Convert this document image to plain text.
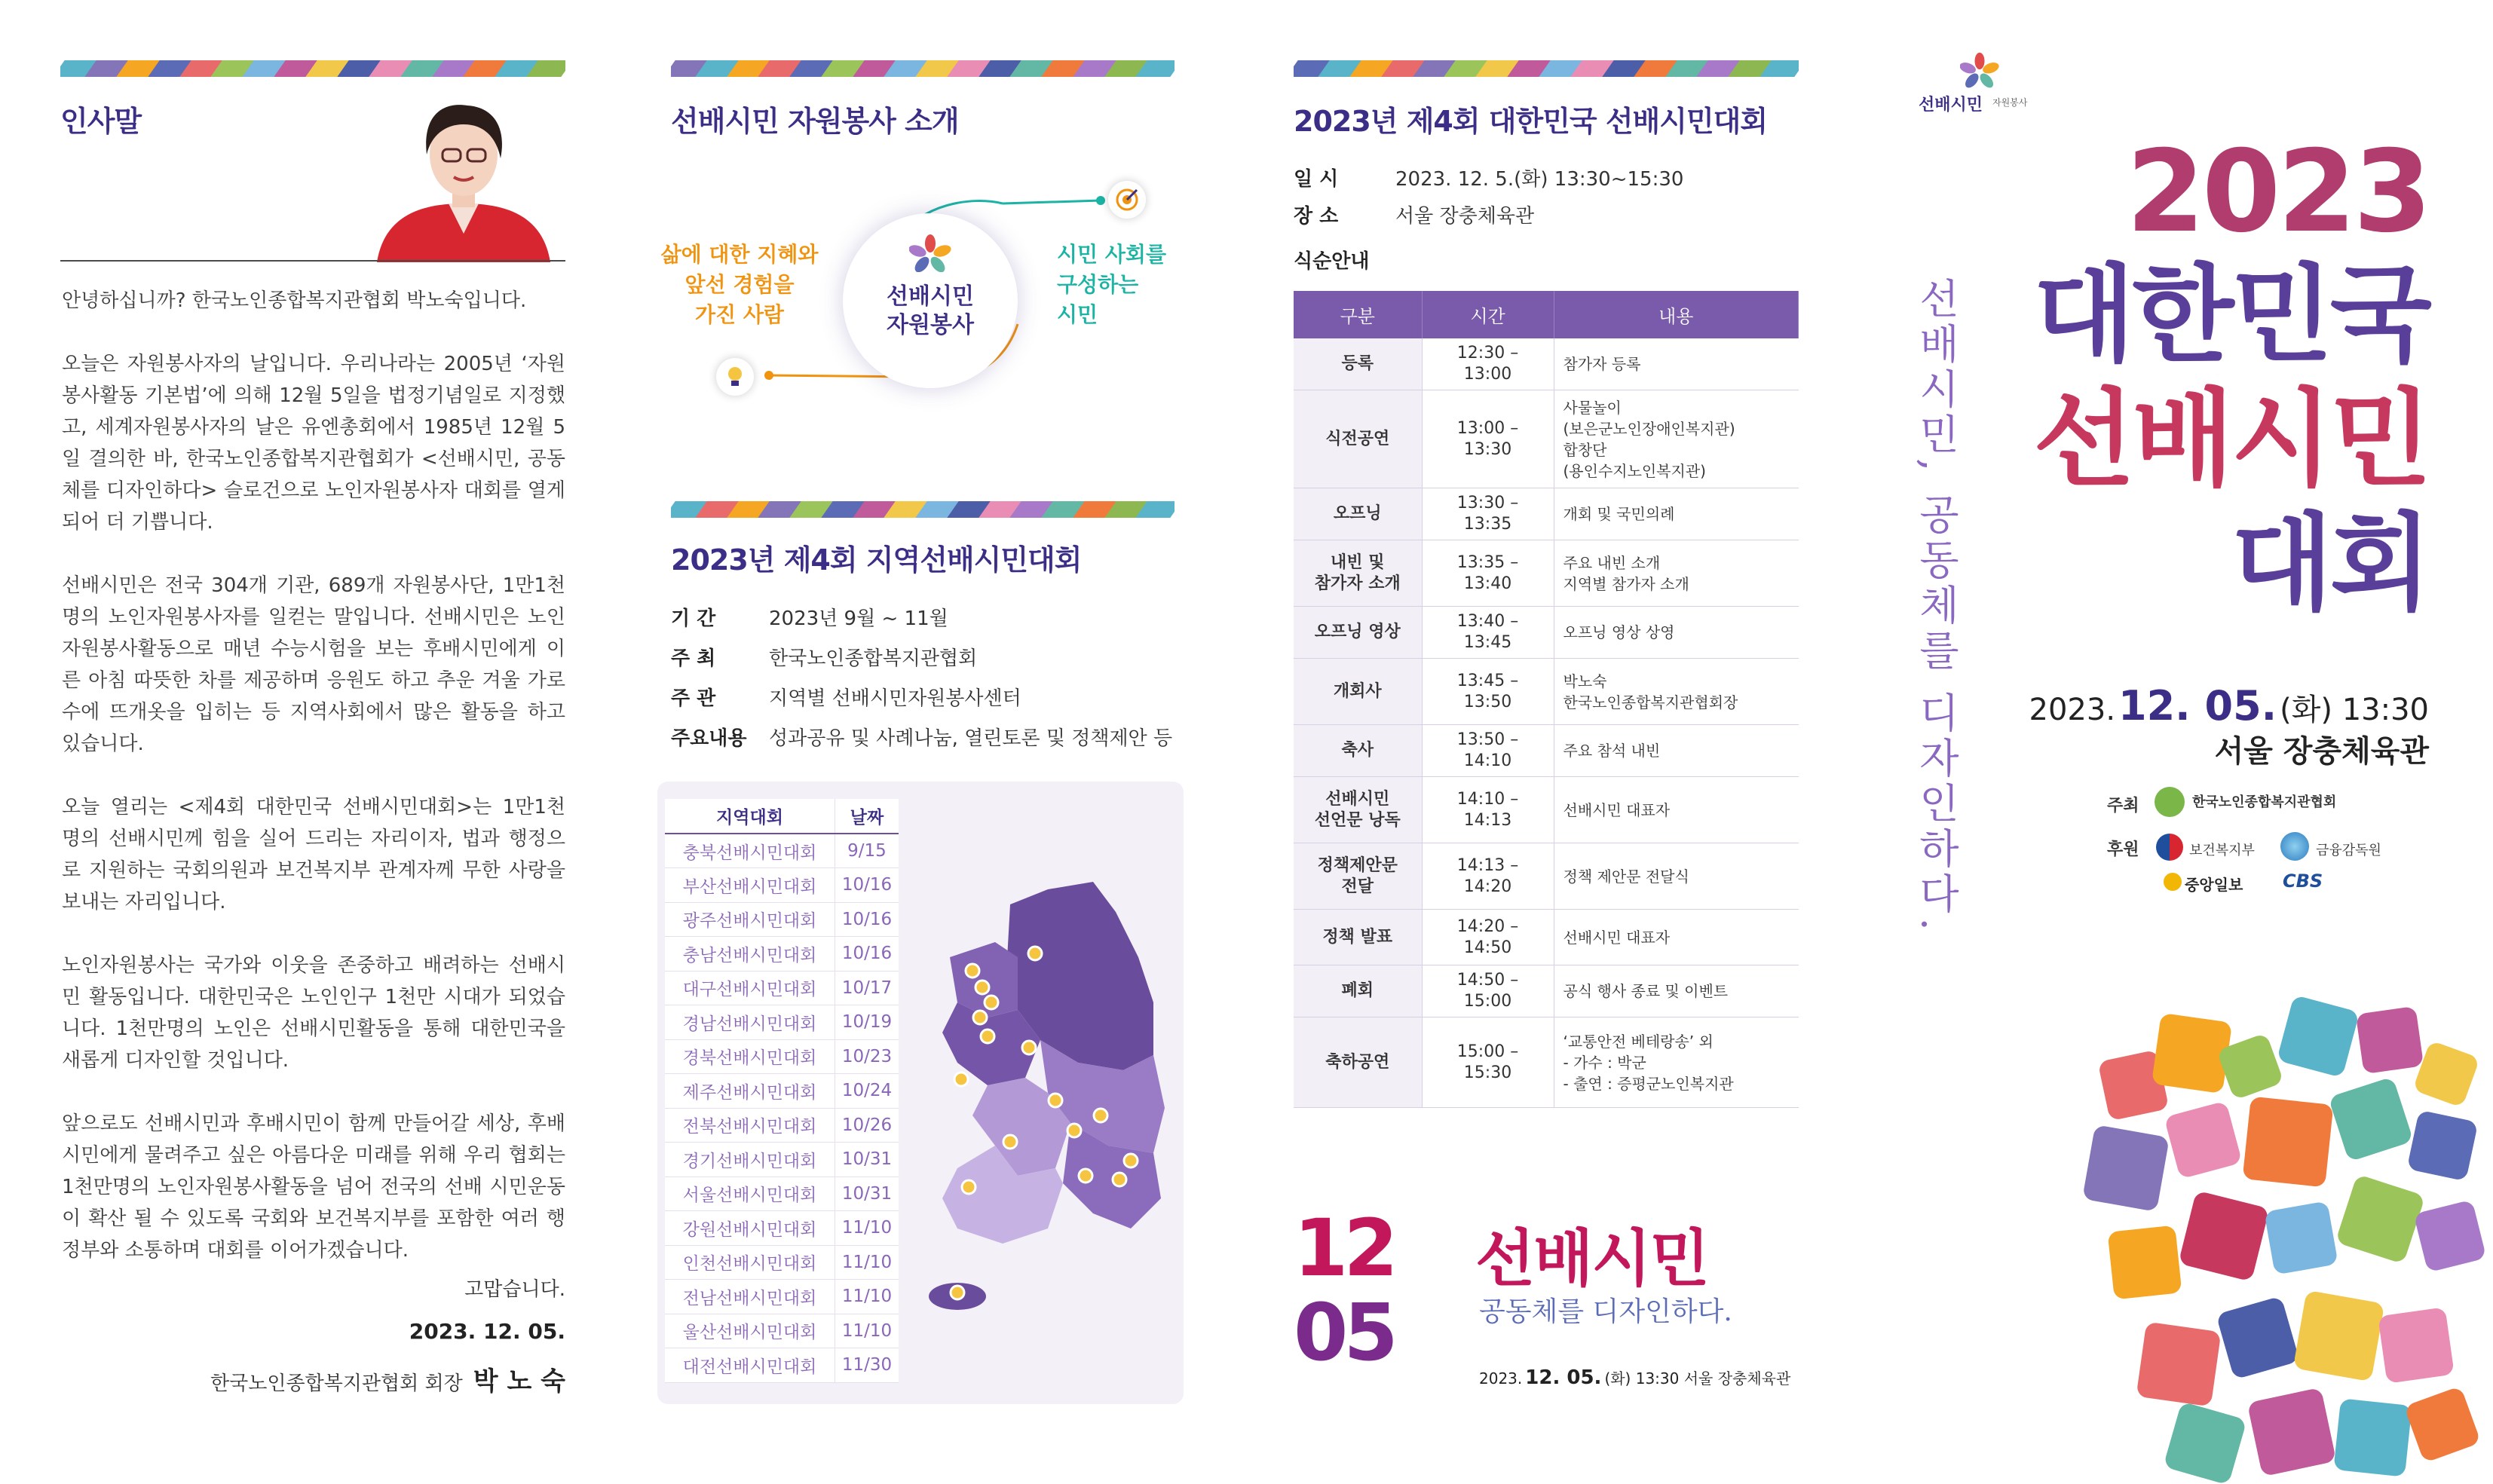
인사말

안녕하십니까? 한국노인종합복지관협회 박노숙입니다.

오늘은 자원봉사자의 날입니다. 우리나라는 2005년 ‘자원봉사활동 기본법’에 의해 12월 5일을 법정기념일로 지정했고, 세계자원봉사자의 날은 유엔총회에서 1985년 12월 5일 결의한 바, 한국노인종합복지관협회가 <선배시민, 공동체를 디자인하다> 슬로건으로 노인자원봉사자 대회를 열게 되어 더 기쁩니다.

선배시민은 전국 304개 기관, 689개 자원봉사단, 1만1천 명의 노인자원봉사자를 일컫는 말입니다. 선배시민은 노인자원봉사활동으로 매년 수능시험을 보는 후배시민에게 이른 아침 따뜻한 차를 제공하며 응원도 하고 추운 겨울 가로수에 뜨개옷을 입히는 등 지역사회에서 많은 활동을 하고 있습니다.

오늘 열리는 <제4회 대한민국 선배시민대회>는 1만1천 명의 선배시민께 힘을 실어 드리는 자리이자, 법과 행정으로 지원하는 국회의원과 보건복지부 관계자께 무한 사랑을 보내는 자리입니다.

노인자원봉사는 국가와 이웃을 존중하고 배려하는 선배시민 활동입니다. 대한민국은 노인인구 1천만 시대가 되었습니다. 1천만명의 노인은 선배시민활동을 통해 대한민국을 새롭게 디자인할 것입니다.

앞으로도 선배시민과 후배시민이 함께 만들어갈 세상, 후배시민에게 물려주고 싶은 아름다운 미래를 위해 우리 협회는 1천만명의 노인자원봉사활동을 넘어 전국의 선배 시민운동이 확산 될 수 있도록 국회와 보건복지부를 포함한 여러 행정부와 소통하며 대회를 이어가겠습니다.

고맙습니다.
2023. 12. 05.
한국노인종합복지관협회 회장 박 노 숙
선배시민 자원봉사 소개
선배시민
자원봉사
삶에 대한 지혜와
앞선 경험을
가진 사람
시민 사회를
구성하는
시민
2023년 제4회 지역선배시민대회
기 간	2023년 9월 ~ 11월
주 최	한국노인종합복지관협회
주 관	지역별 선배시민자원봉사센터
주요내용 성과공유 및 사례나눔, 열린토론 및 정책제안 등
지역대회	날짜
충북선배시민대회	9/15
부산선배시민대회	10/16
광주선배시민대회	10/16
충남선배시민대회	10/16
대구선배시민대회	10/17
경남선배시민대회	10/19
경북선배시민대회	10/23
제주선배시민대회	10/24
전북선배시민대회	10/26
경기선배시민대회	10/31
서울선배시민대회	10/31
강원선배시민대회	11/10
인천선배시민대회	11/10
전남선배시민대회	11/10
울산선배시민대회	11/10
대전선배시민대회	11/30
2023년 제4회 대한민국 선배시민대회
일 시	2023. 12. 5.(화) 13:30~15:30
장 소	서울 장충체육관
식순안내
구분	시간	내용
등록	12:30 – 13:00	참가자 등록
식전공연	13:00 – 13:30	사물놀이
(보은군노인장애인복지관)
합창단
(용인수지노인복지관)
오프닝	13:30 – 13:35	개회 및 국민의례
내빈 및
참가자 소개	13:35 – 13:40	주요 내빈 소개
지역별 참가자 소개
오프닝 영상	13:40 – 13:45	오프닝 영상 상영
개회사	13:45 – 13:50	박노숙
한국노인종합복지관협회장
축사	13:50 – 14:10	주요 참석 내빈
선배시민
선언문 낭독	14:10 – 14:13	선배시민 대표자
정책제안문
전달	14:13 – 14:20	정책 제안문 전달식
정책 발표	14:20 – 14:50	선배시민 대표자
폐회	14:50 – 15:00	공식 행사 종료 및 이벤트
축하공연	15:00 – 15:30	‘교통안전 베테랑송’ 외
- 가수 : 박군
- 출연 : 증평군노인복지관
12
05
선배시민
공동체를 디자인하다.
2023. 12. 05. (화) 13:30 서울 장충체육관
선배시민 자원봉사
선배시민, 공동체를 디자인하다.
2023
대한민국
선배시민
대회
2023. 12. 05. (화) 13:30
서울 장충체육관
주최	한국노인종합복지관협회
후원	보건복지부	금융감독원
중앙일보 CBS
